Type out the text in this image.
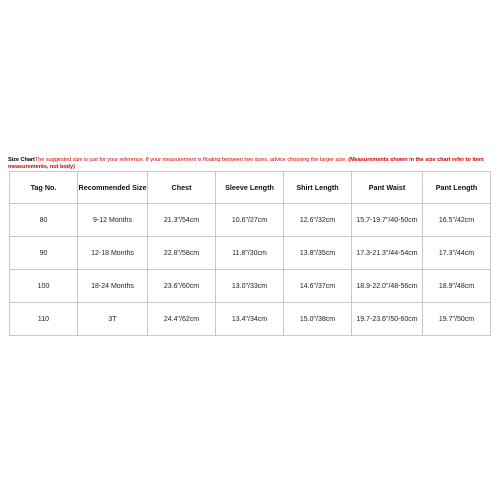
Size ChartThe suggested size is just for your reference. If your measurement is floating between two sizes, advice choosing the larger size. (Measurements shown in the size chart refer to item measurements, not body)
Tag No.	Recommended Size	Chest	Sleeve Length	Shirt Length	Pant Waist	Pant Length
80	9-12 Months	21.3"/54cm	10.6"/27cm	12.6"/32cm	15.7-19.7"/40-50cm	16.5"/42cm
90	12-18 Months	22.8"/58cm	11.8"/30cm	13.8"/35cm	17.3-21.3"/44-54cm	17.3"/44cm
100	18-24 Months	23.6"/60cm	13.0"/33cm	14.6"/37cm	18.9-22.0"/48-56cm	18.9"/48cm
110	3T	24.4"/62cm	13.4"/34cm	15.0"/38cm	19.7-23.6"/50-60cm	19.7"/50cm
